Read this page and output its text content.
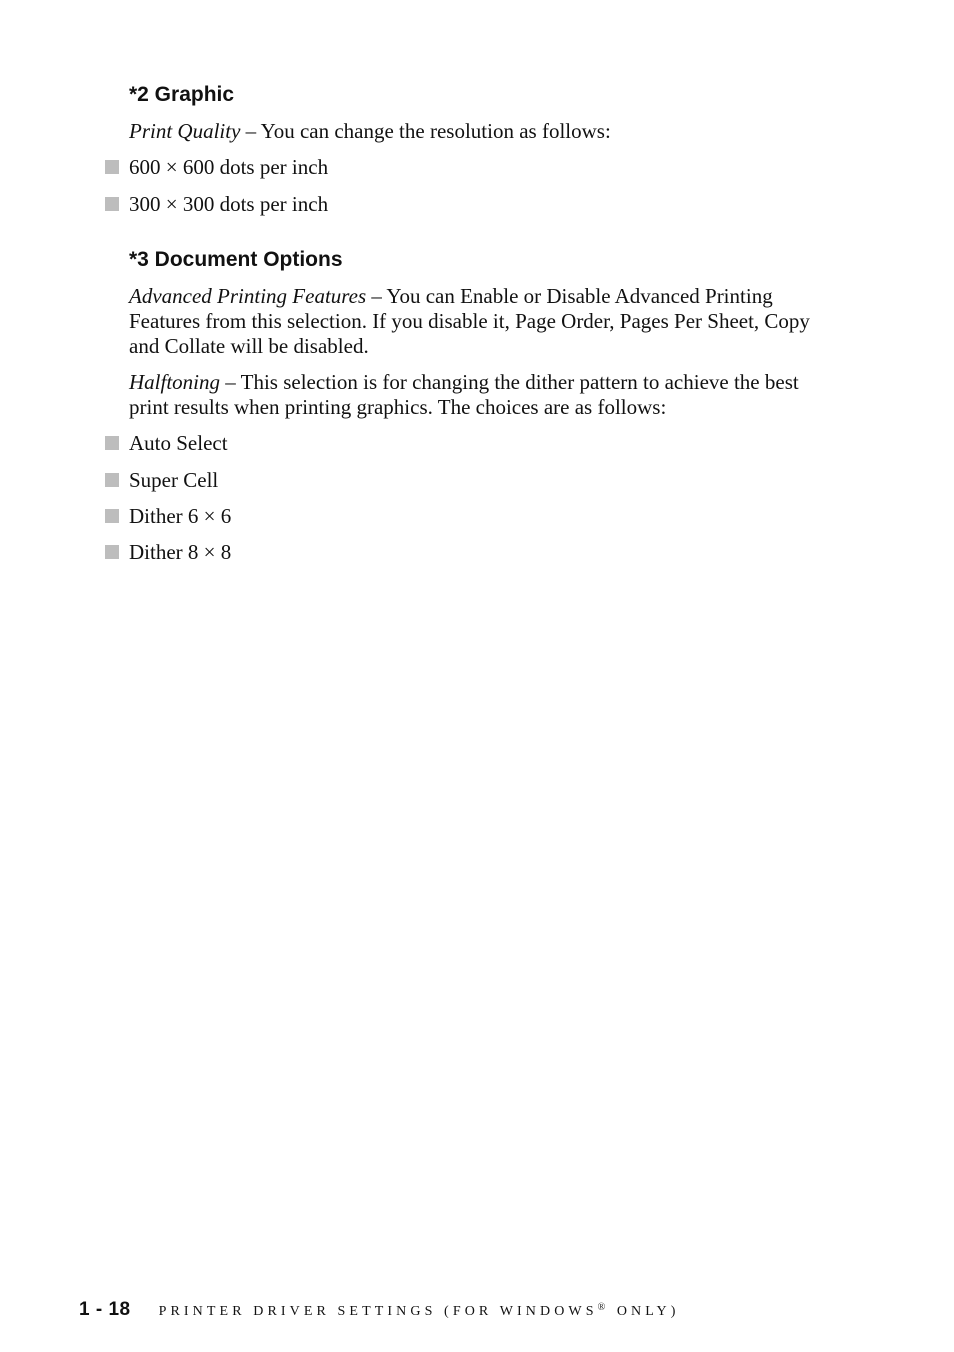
*2 Graphic

Print Quality – You can change the resolution as follows:

600 × 600 dots per inch
300 × 300 dots per inch
*3 Document Options

Advanced Printing Features – You can Enable or Disable Advanced Printing Features from this selection. If you disable it, Page Order, Pages Per Sheet, Copy and Collate will be disabled.

Halftoning – This selection is for changing the dither pattern to achieve the best print results when printing graphics. The choices are as follows:

Auto Select
Super Cell
Dither 6 × 6
Dither 8 × 8
1 - 18 PRINTER DRIVER SETTINGS (FOR WINDOWS® ONLY)
